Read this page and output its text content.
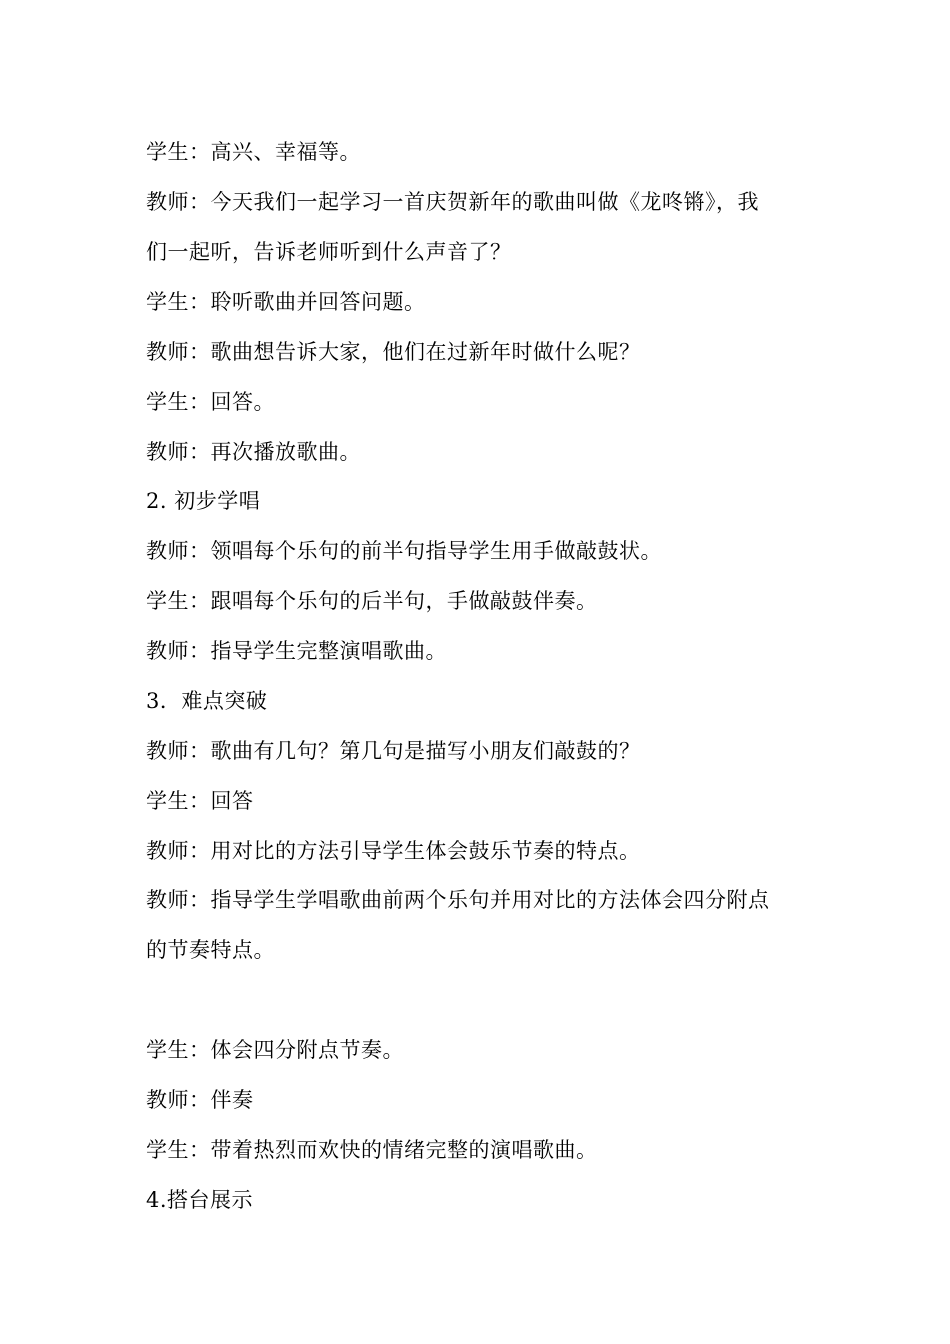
学生：高兴、幸福等。
教师：今天我们一起学习一首庆贺新年的歌曲叫做《龙咚锵》，我
们一起听，告诉老师听到什么声音了？
学生：聆听歌曲并回答问题。
教师：歌曲想告诉大家，他们在过新年时做什么呢？
学生：回答。
教师：再次播放歌曲。
2. 初步学唱
教师：领唱每个乐句的前半句指导学生用手做敲鼓状。
学生：跟唱每个乐句的后半句，手做敲鼓伴奏。
教师：指导学生完整演唱歌曲。
3．难点突破
教师：歌曲有几句？第几句是描写小朋友们敲鼓的？
学生：回答
教师：用对比的方法引导学生体会鼓乐节奏的特点。
教师：指导学生学唱歌曲前两个乐句并用对比的方法体会四分附点
的节奏特点。
学生：体会四分附点节奏。
教师：伴奏
学生：带着热烈而欢快的情绪完整的演唱歌曲。
4.搭台展示
